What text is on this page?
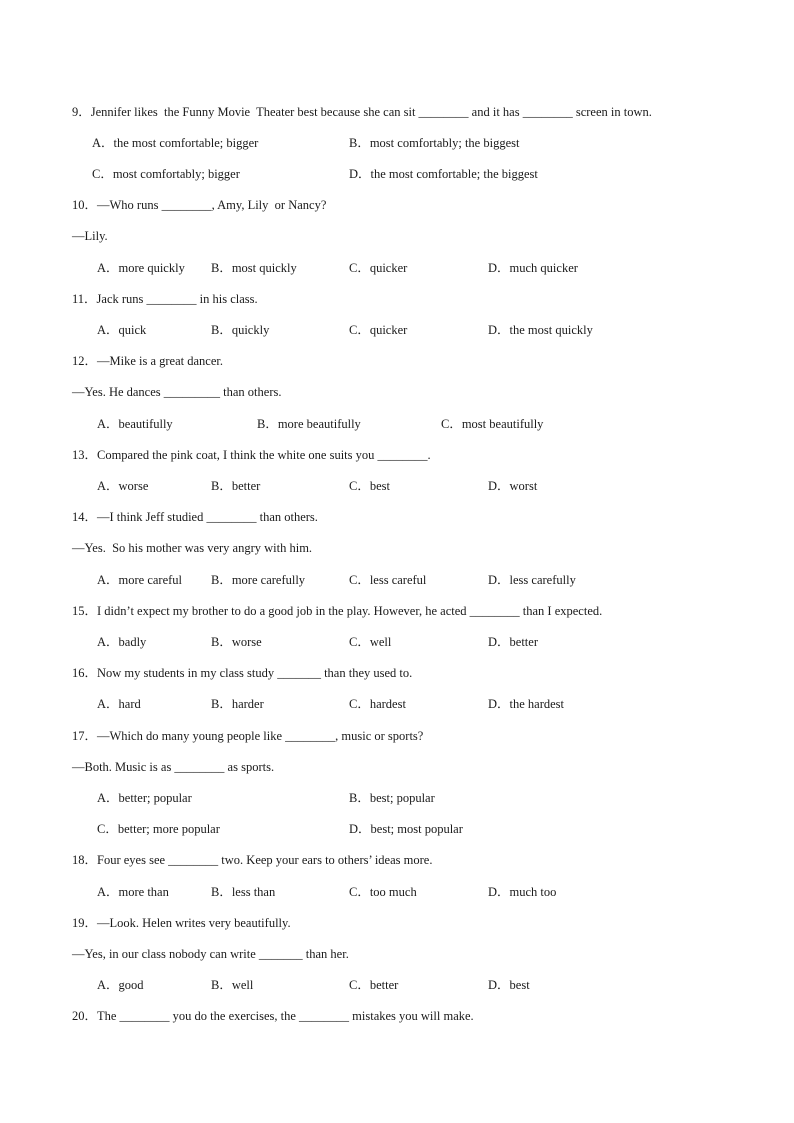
9．Jennifer likes  the Funny Movie  Theater best because she can sit ________ and it has ________ screen in town.
A．the most comfortable; bigger	B．most comfortably; the biggest
C．most comfortably; bigger	D．the most comfortable; the biggest
10．—Who runs ________, Amy, Lily  or Nancy?
—Lily.
A．more quickly B．most quickly	C．quicker	D．much quicker
11．Jack runs ________ in his class.
A．quick	B．quickly	C．quicker	D．the most quickly
12．—Mike is a great dancer.
—Yes. He dances _________ than others.
A．beautifully	B．more beautifully	C．most beautifully
13．Compared the pink coat, I think the white one suits you ________.
A．worse	B．better	C．best	D．worst
14．—I think Jeff studied ________ than others.
—Yes.  So his mother was very angry with him.
A．more careful B．more carefully	C．less careful	D．less carefully
15．I didn’t expect my brother to do a good job in the play. However, he acted ________ than I expected.
A．badly	B．worse	C．well	D．better
16．Now my students in my class study _______ than they used to.
A．hard	B．harder	C．hardest	D．the hardest
17．—Which do many young people like ________, music or sports?
—Both. Music is as ________ as sports.
A．better; popular	B．best; popular
C．better; more popular	D．best; most popular
18．Four eyes see ________ two. Keep your ears to others’ ideas more.
A．more than	B．less than	C．too much	D．much too
19．—Look. Helen writes very beautifully.
—Yes, in our class nobody can write _______ than her.
A．good	B．well	C．better	D．best
20．The ________ you do the exercises, the ________ mistakes you will make.
